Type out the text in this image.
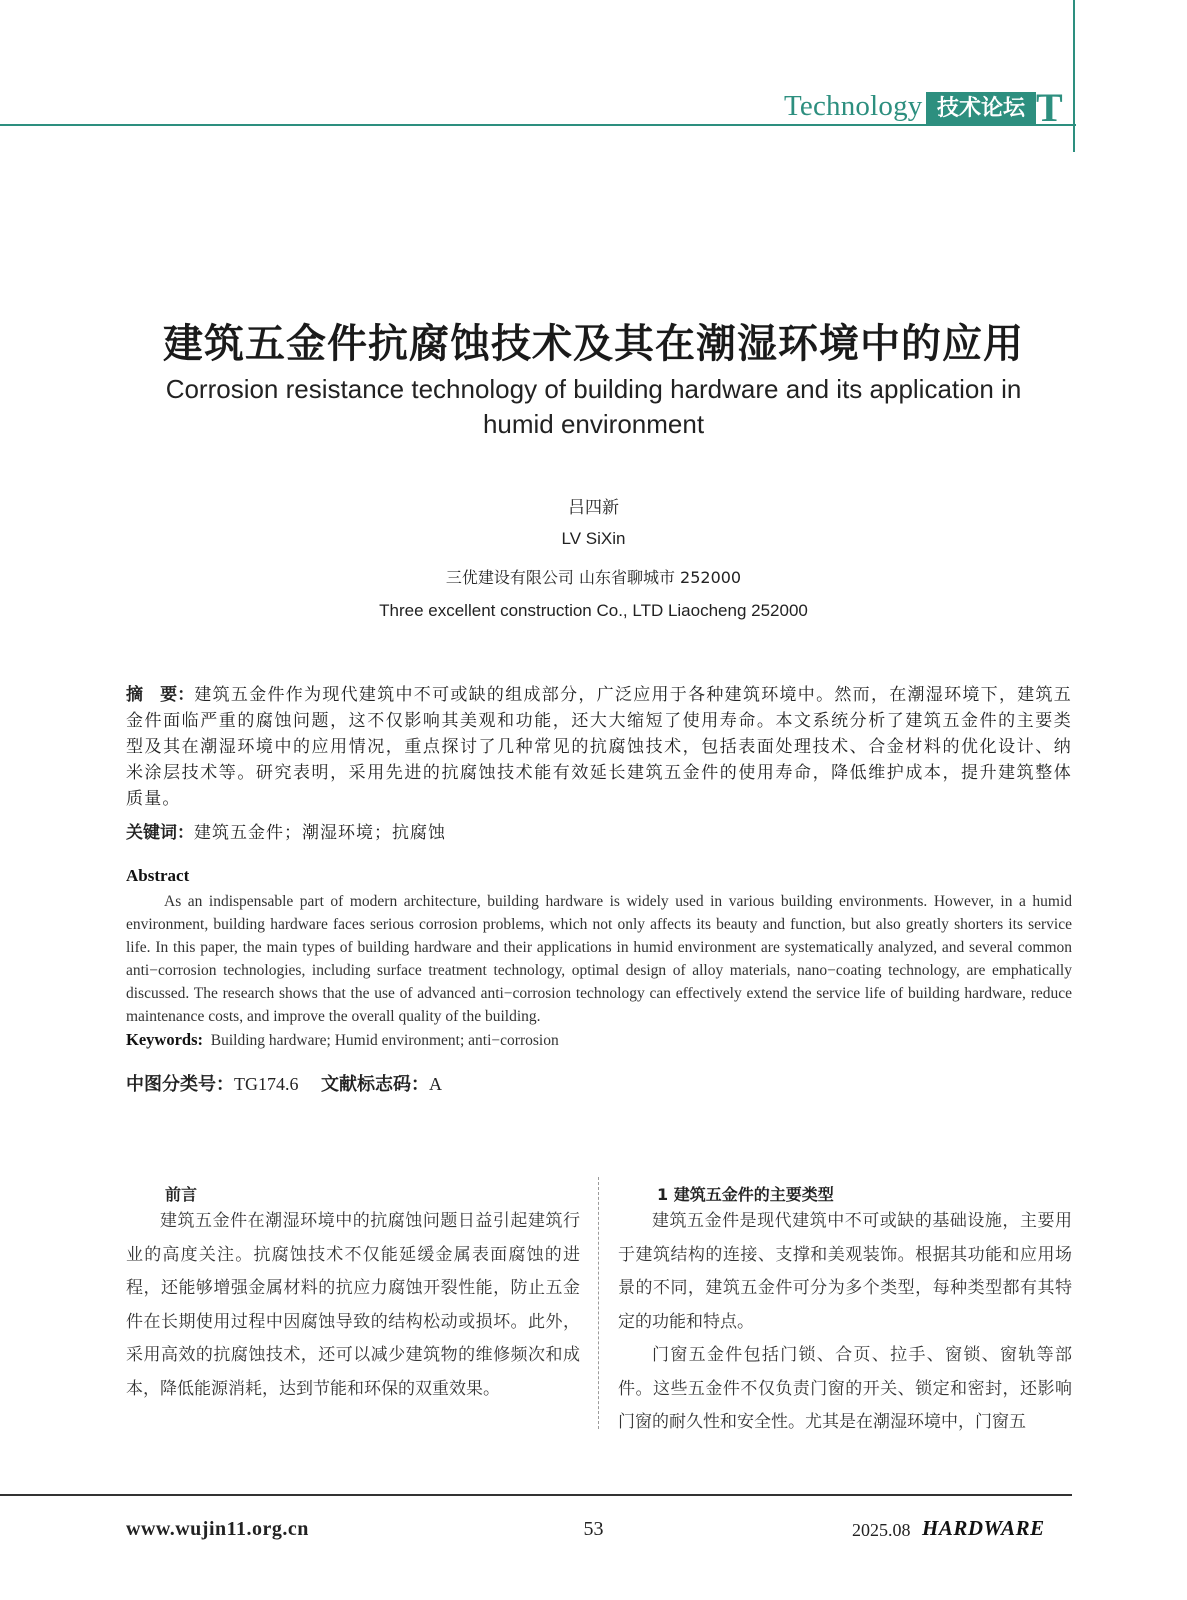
Technology 技术论坛 T
建筑五金件抗腐蚀技术及其在潮湿环境中的应用
Corrosion resistance technology of building hardware and its application in humid environment
吕四新
LV SiXin
三优建设有限公司 山东省聊城市 252000
Three excellent construction Co., LTD Liaocheng 252000
摘　要：建筑五金件作为现代建筑中不可或缺的组成部分，广泛应用于各种建筑环境中。然而，在潮湿环境下，建筑五金件面临严重的腐蚀问题，这不仅影响其美观和功能，还大大缩短了使用寿命。本文系统分析了建筑五金件的主要类型及其在潮湿环境中的应用情况，重点探讨了几种常见的抗腐蚀技术，包括表面处理技术、合金材料的优化设计、纳米涂层技术等。研究表明，采用先进的抗腐蚀技术能有效延长建筑五金件的使用寿命，降低维护成本，提升建筑整体质量。
关键词：建筑五金件；潮湿环境；抗腐蚀
Abstract
As an indispensable part of modern architecture, building hardware is widely used in various building environments. However, in a humid environment, building hardware faces serious corrosion problems, which not only affects its beauty and function, but also greatly shorters its service life. In this paper, the main types of building hardware and their applications in humid environment are systematically analyzed, and several common anti−corrosion technologies, including surface treatment technology, optimal design of alloy materials, nano−coating technology, are emphatically discussed. The research shows that the use of advanced anti−corrosion technology can effectively extend the service life of building hardware, reduce maintenance costs, and improve the overall quality of the building.
Keywords: Building hardware; Humid environment; anti−corrosion
中图分类号：TG174.6 文献标志码：A
前言

建筑五金件在潮湿环境中的抗腐蚀问题日益引起建筑行业的高度关注。抗腐蚀技术不仅能延缓金属表面腐蚀的进程，还能够增强金属材料的抗应力腐蚀开裂性能，防止五金件在长期使用过程中因腐蚀导致的结构松动或损坏。此外，采用高效的抗腐蚀技术，还可以减少建筑物的维修频次和成本，降低能源消耗，达到节能和环保的双重效果。

1 建筑五金件的主要类型

建筑五金件是现代建筑中不可或缺的基础设施，主要用于建筑结构的连接、支撑和美观装饰。根据其功能和应用场景的不同，建筑五金件可分为多个类型，每种类型都有其特定的功能和特点。

门窗五金件包括门锁、合页、拉手、窗锁、窗轨等部件。这些五金件不仅负责门窗的开关、锁定和密封，还影响门窗的耐久性和安全性。尤其是在潮湿环境中，门窗五

www.wujin11.org.cn	53	2025.08 HARDWARE
